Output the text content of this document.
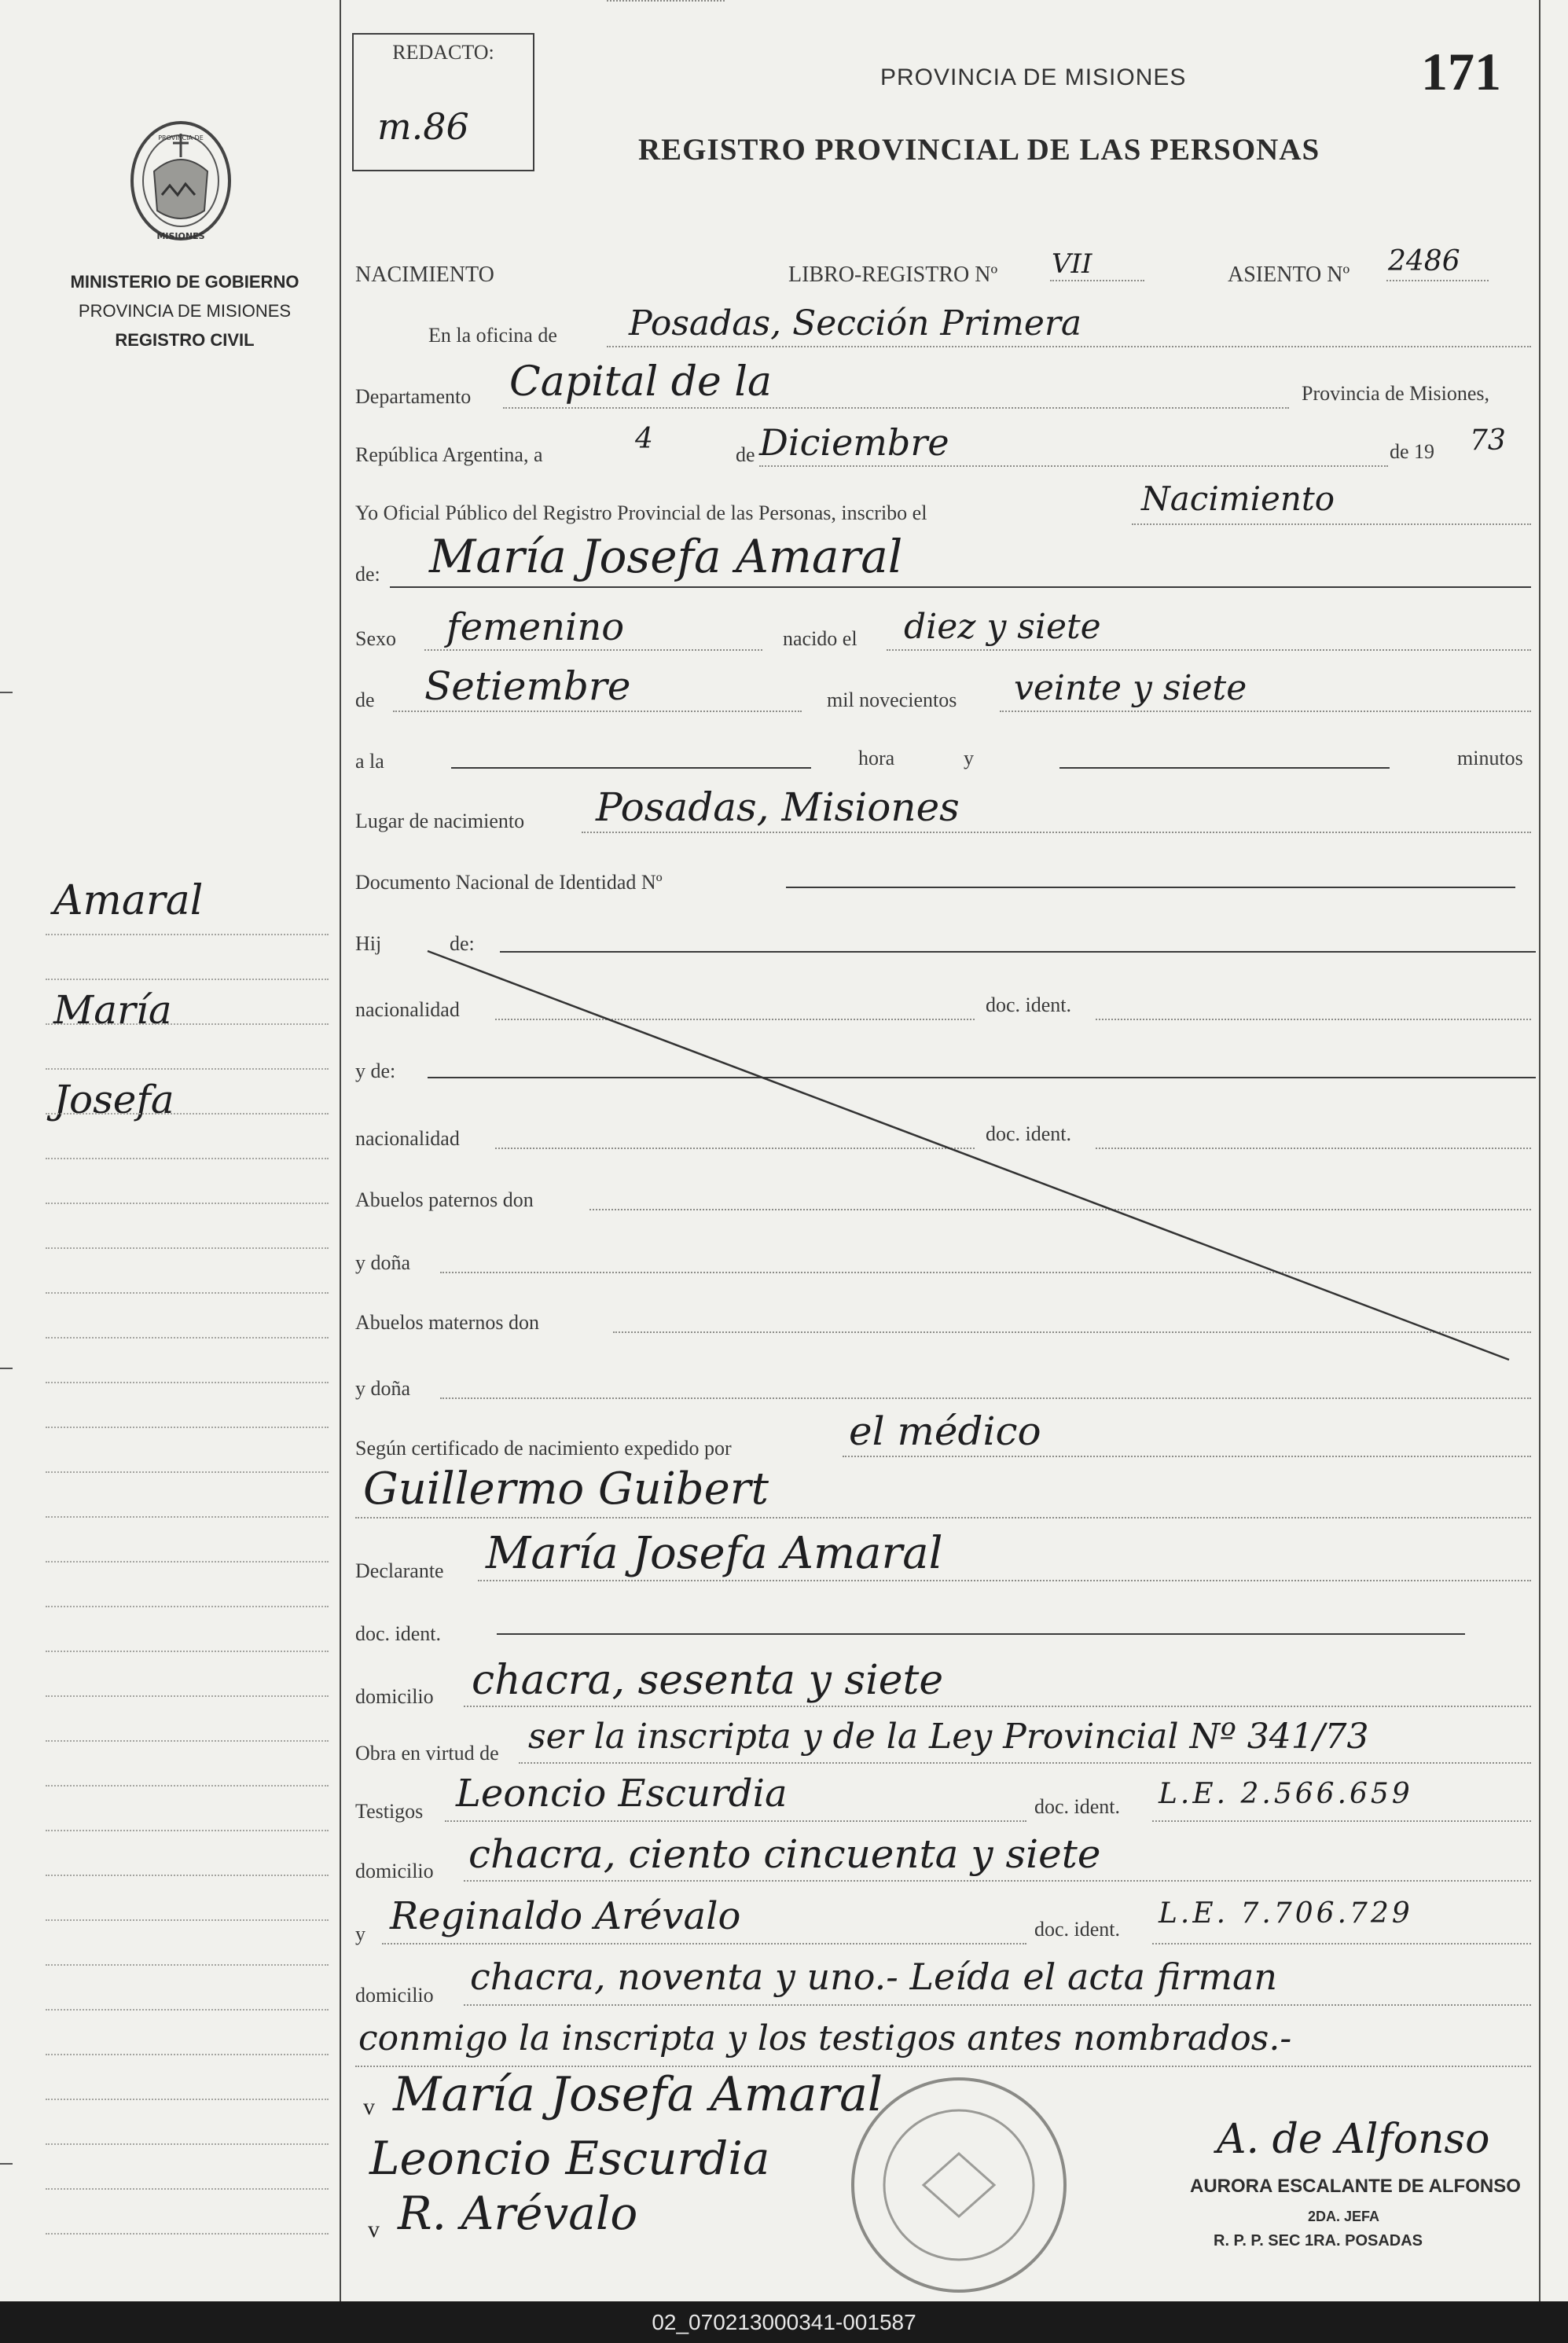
PROVINCIA DE
MISIONES
MINISTERIO DE GOBIERNO
PROVINCIA DE MISIONES
REGISTRO CIVIL
Amaral
María
Josefa
REDACTO:
m.86
PROVINCIA DE MISIONES
REGISTRO PROVINCIAL DE LAS PERSONAS
171
NACIMIENTO	LIBRO-REGISTRO Nº VII	ASIENTO Nº 2486
En la oficina de Posadas, Sección Primera
Departamento Capital de la	Provincia de Misiones,
República Argentina, a	4	de Diciembre	de 19 73
Yo Oficial Público del Registro Provincial de las Personas, inscribo el	Nacimiento
de: María Josefa Amaral
Sexo femenino	nacido el diez y siete
de Setiembre	mil novecientos veinte y siete
a la	hora	y	minutos
Lugar de nacimiento Posadas, Misiones
Documento Nacional de Identidad Nº
Hij	de:
nacionalidad	doc. ident.
y de:
nacionalidad	doc. ident.
Abuelos paternos don
y doña
Abuelos maternos don
y doña
Según certificado de nacimiento expedido por	el médico
Guillermo Guibert
Declarante María Josefa Amaral
doc. ident.
domicilio chacra, sesenta y siete
Obra en virtud de ser la inscripta y de la Ley Provincial Nº 341/73
Testigos Leoncio Escurdia	doc. ident. L.E. 2.566.659
domicilio chacra, ciento cincuenta y siete
y Reginaldo Arévalo	doc. ident. L.E. 7.706.729
domicilio chacra, noventa y uno.- Leída el acta firman
conmigo la inscripta y los testigos antes nombrados.-
v María Josefa Amaral
Leoncio Escurdia
v R. Arévalo
A. de Alfonso
AURORA ESCALANTE DE ALFONSO
2DA. JEFA
R. P. P. SEC 1RA. POSADAS
02_070213000341-001587
